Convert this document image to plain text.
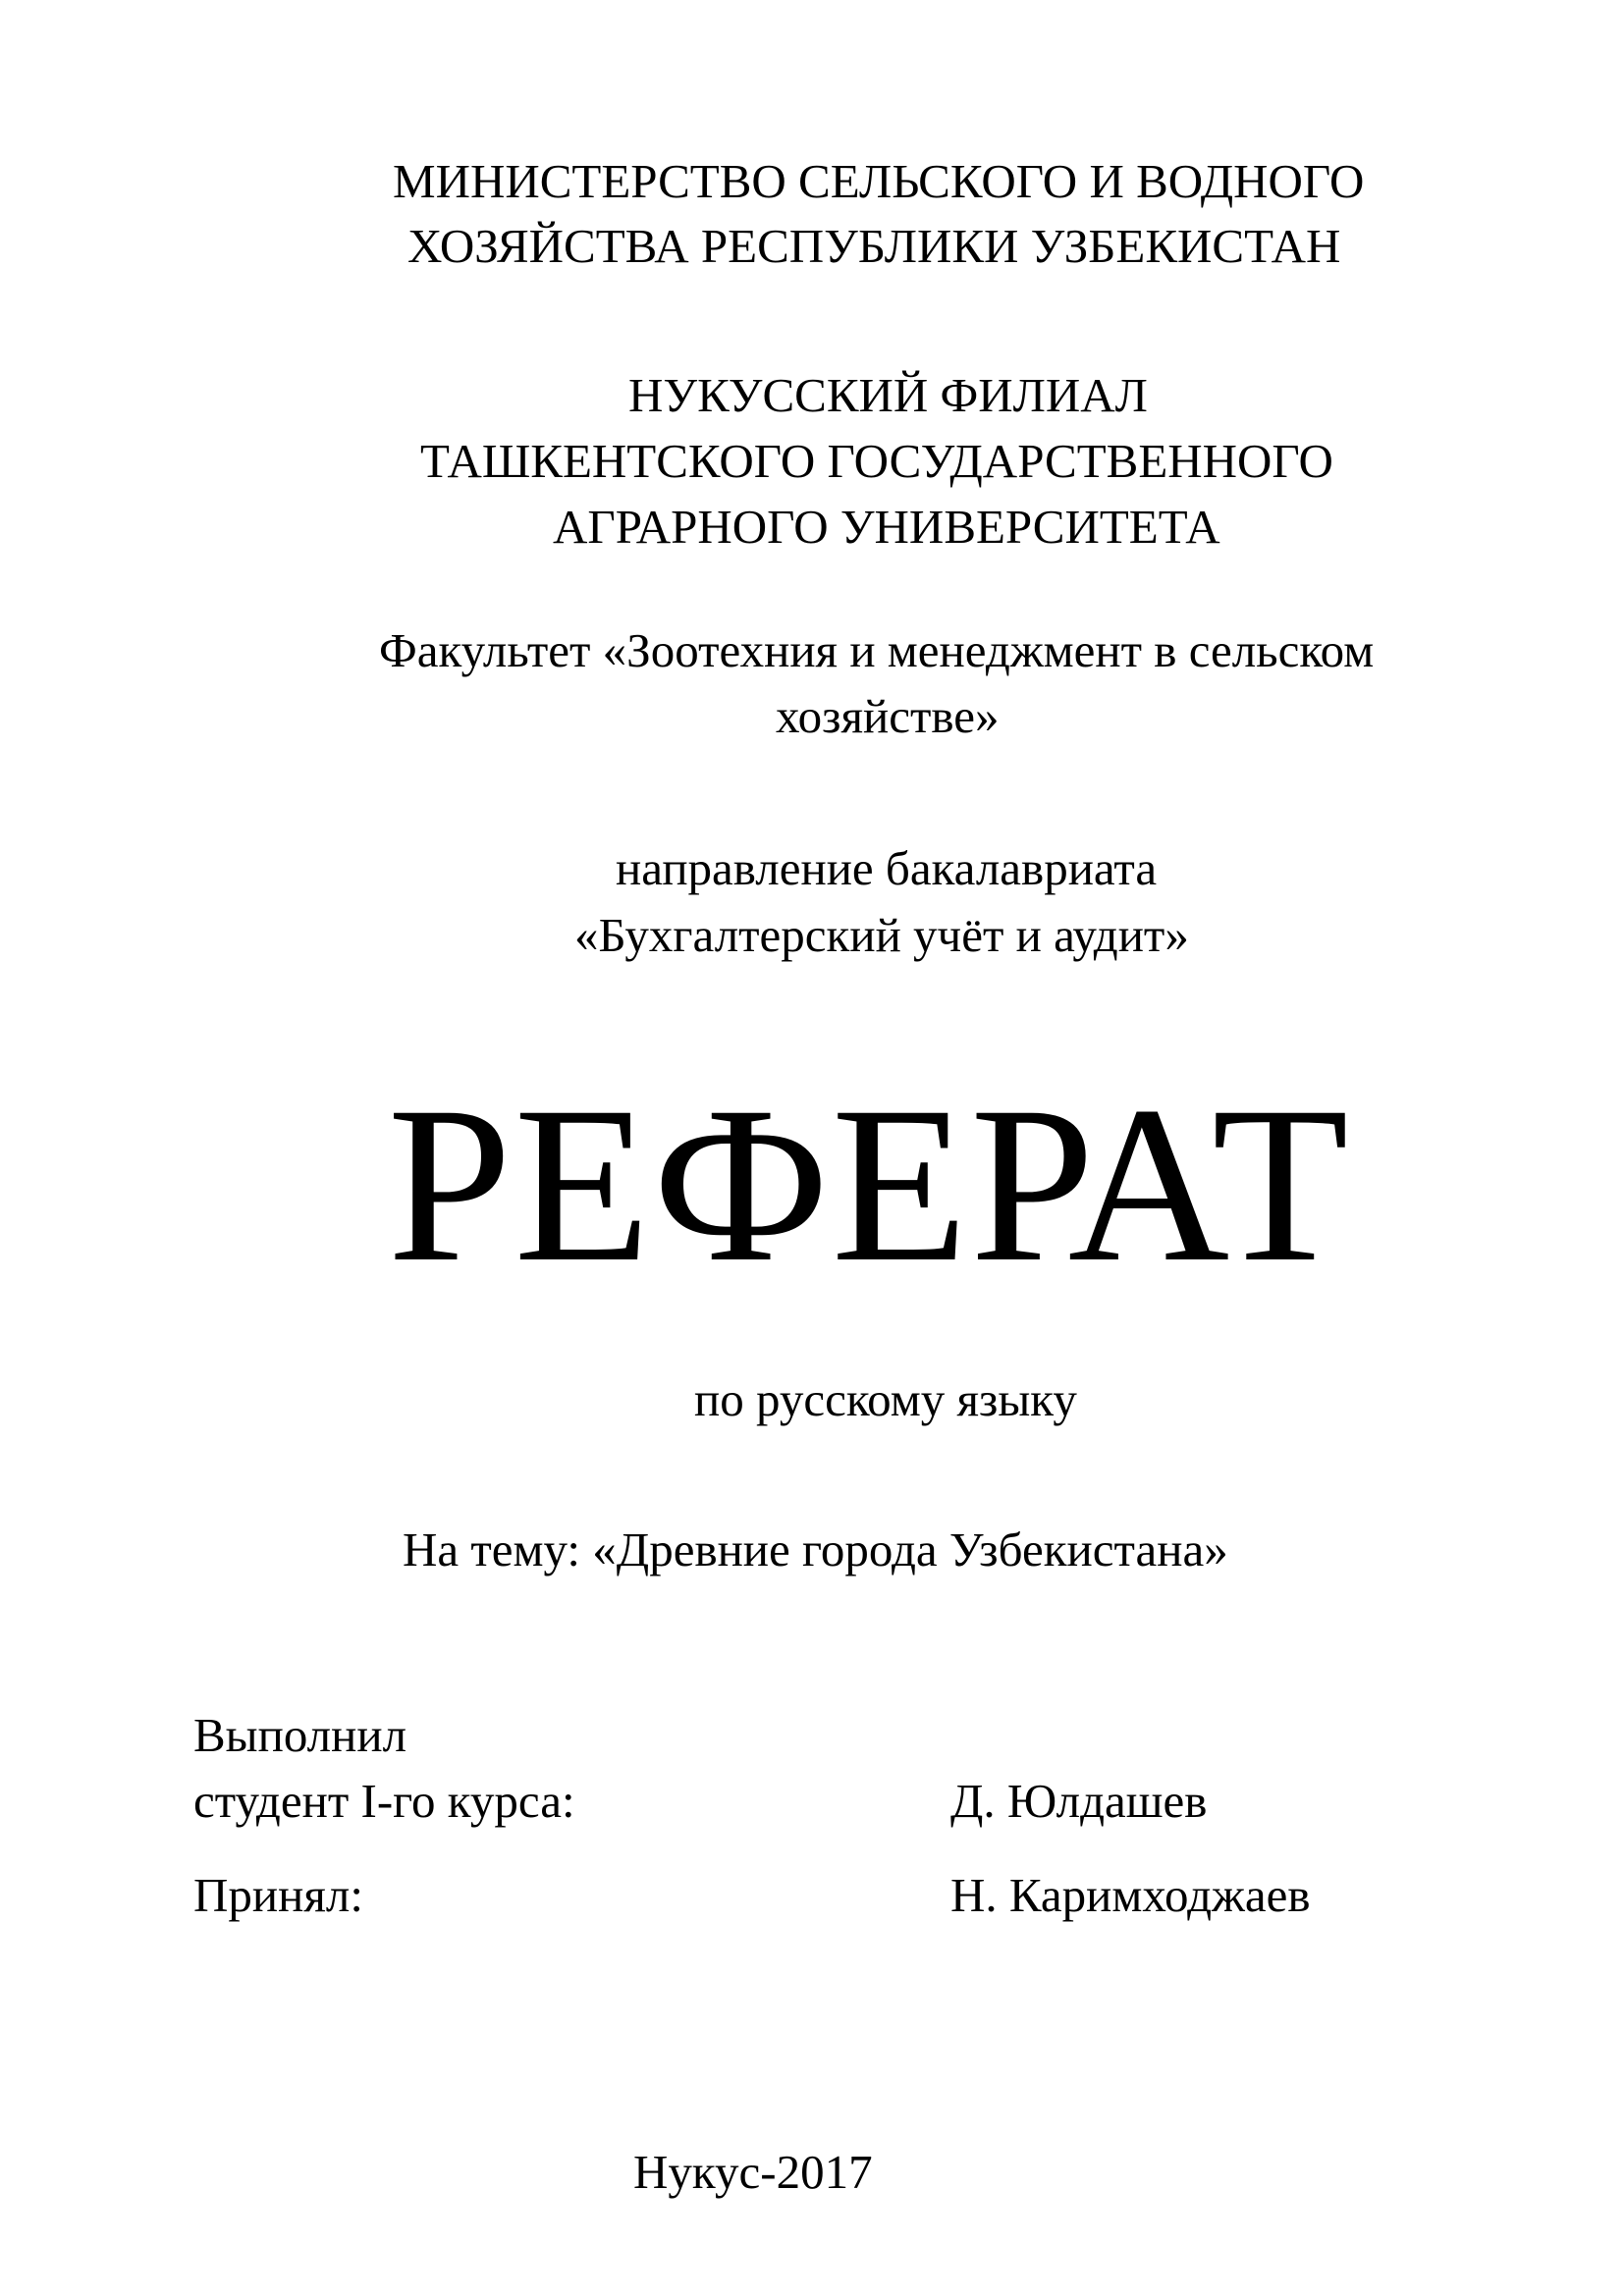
МИНИСТЕРСТВО СЕЛЬСКОГО И ВОДНОГО
ХОЗЯЙСТВА РЕСПУБЛИКИ УЗБЕКИСТАН
НУКУССКИЙ ФИЛИАЛ
ТАШКЕНТСКОГО ГОСУДАРСТВЕННОГО
АГРАРНОГО УНИВЕРСИТЕТА
Факультет «Зоотехния и менеджмент в сельском
хозяйстве»
направление бакалавриата
«Бухгалтерский учёт и аудит»
РЕФЕРАТ
по русскому языку
На тему: «Древние города Узбекистана»
Выполнил
студент I-го курса:	Д. Юлдашев
Принял:	Н. Каримходжаев
Нукус-2017
